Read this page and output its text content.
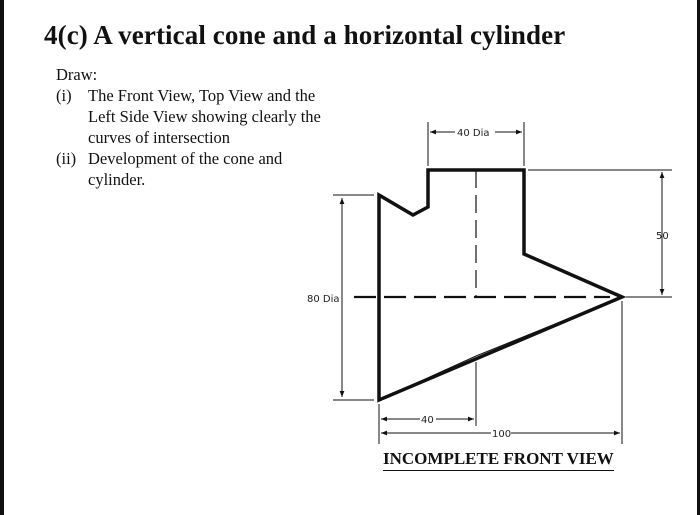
4(c) A vertical cone and a horizontal cylinder
Draw:
(i) The Front View, Top View and the Left Side View showing clearly the curves of intersection
(ii) Development of the cone and cylinder.
40 Dia
50
80 Dia
40
100
INCOMPLETE FRONT VIEW
